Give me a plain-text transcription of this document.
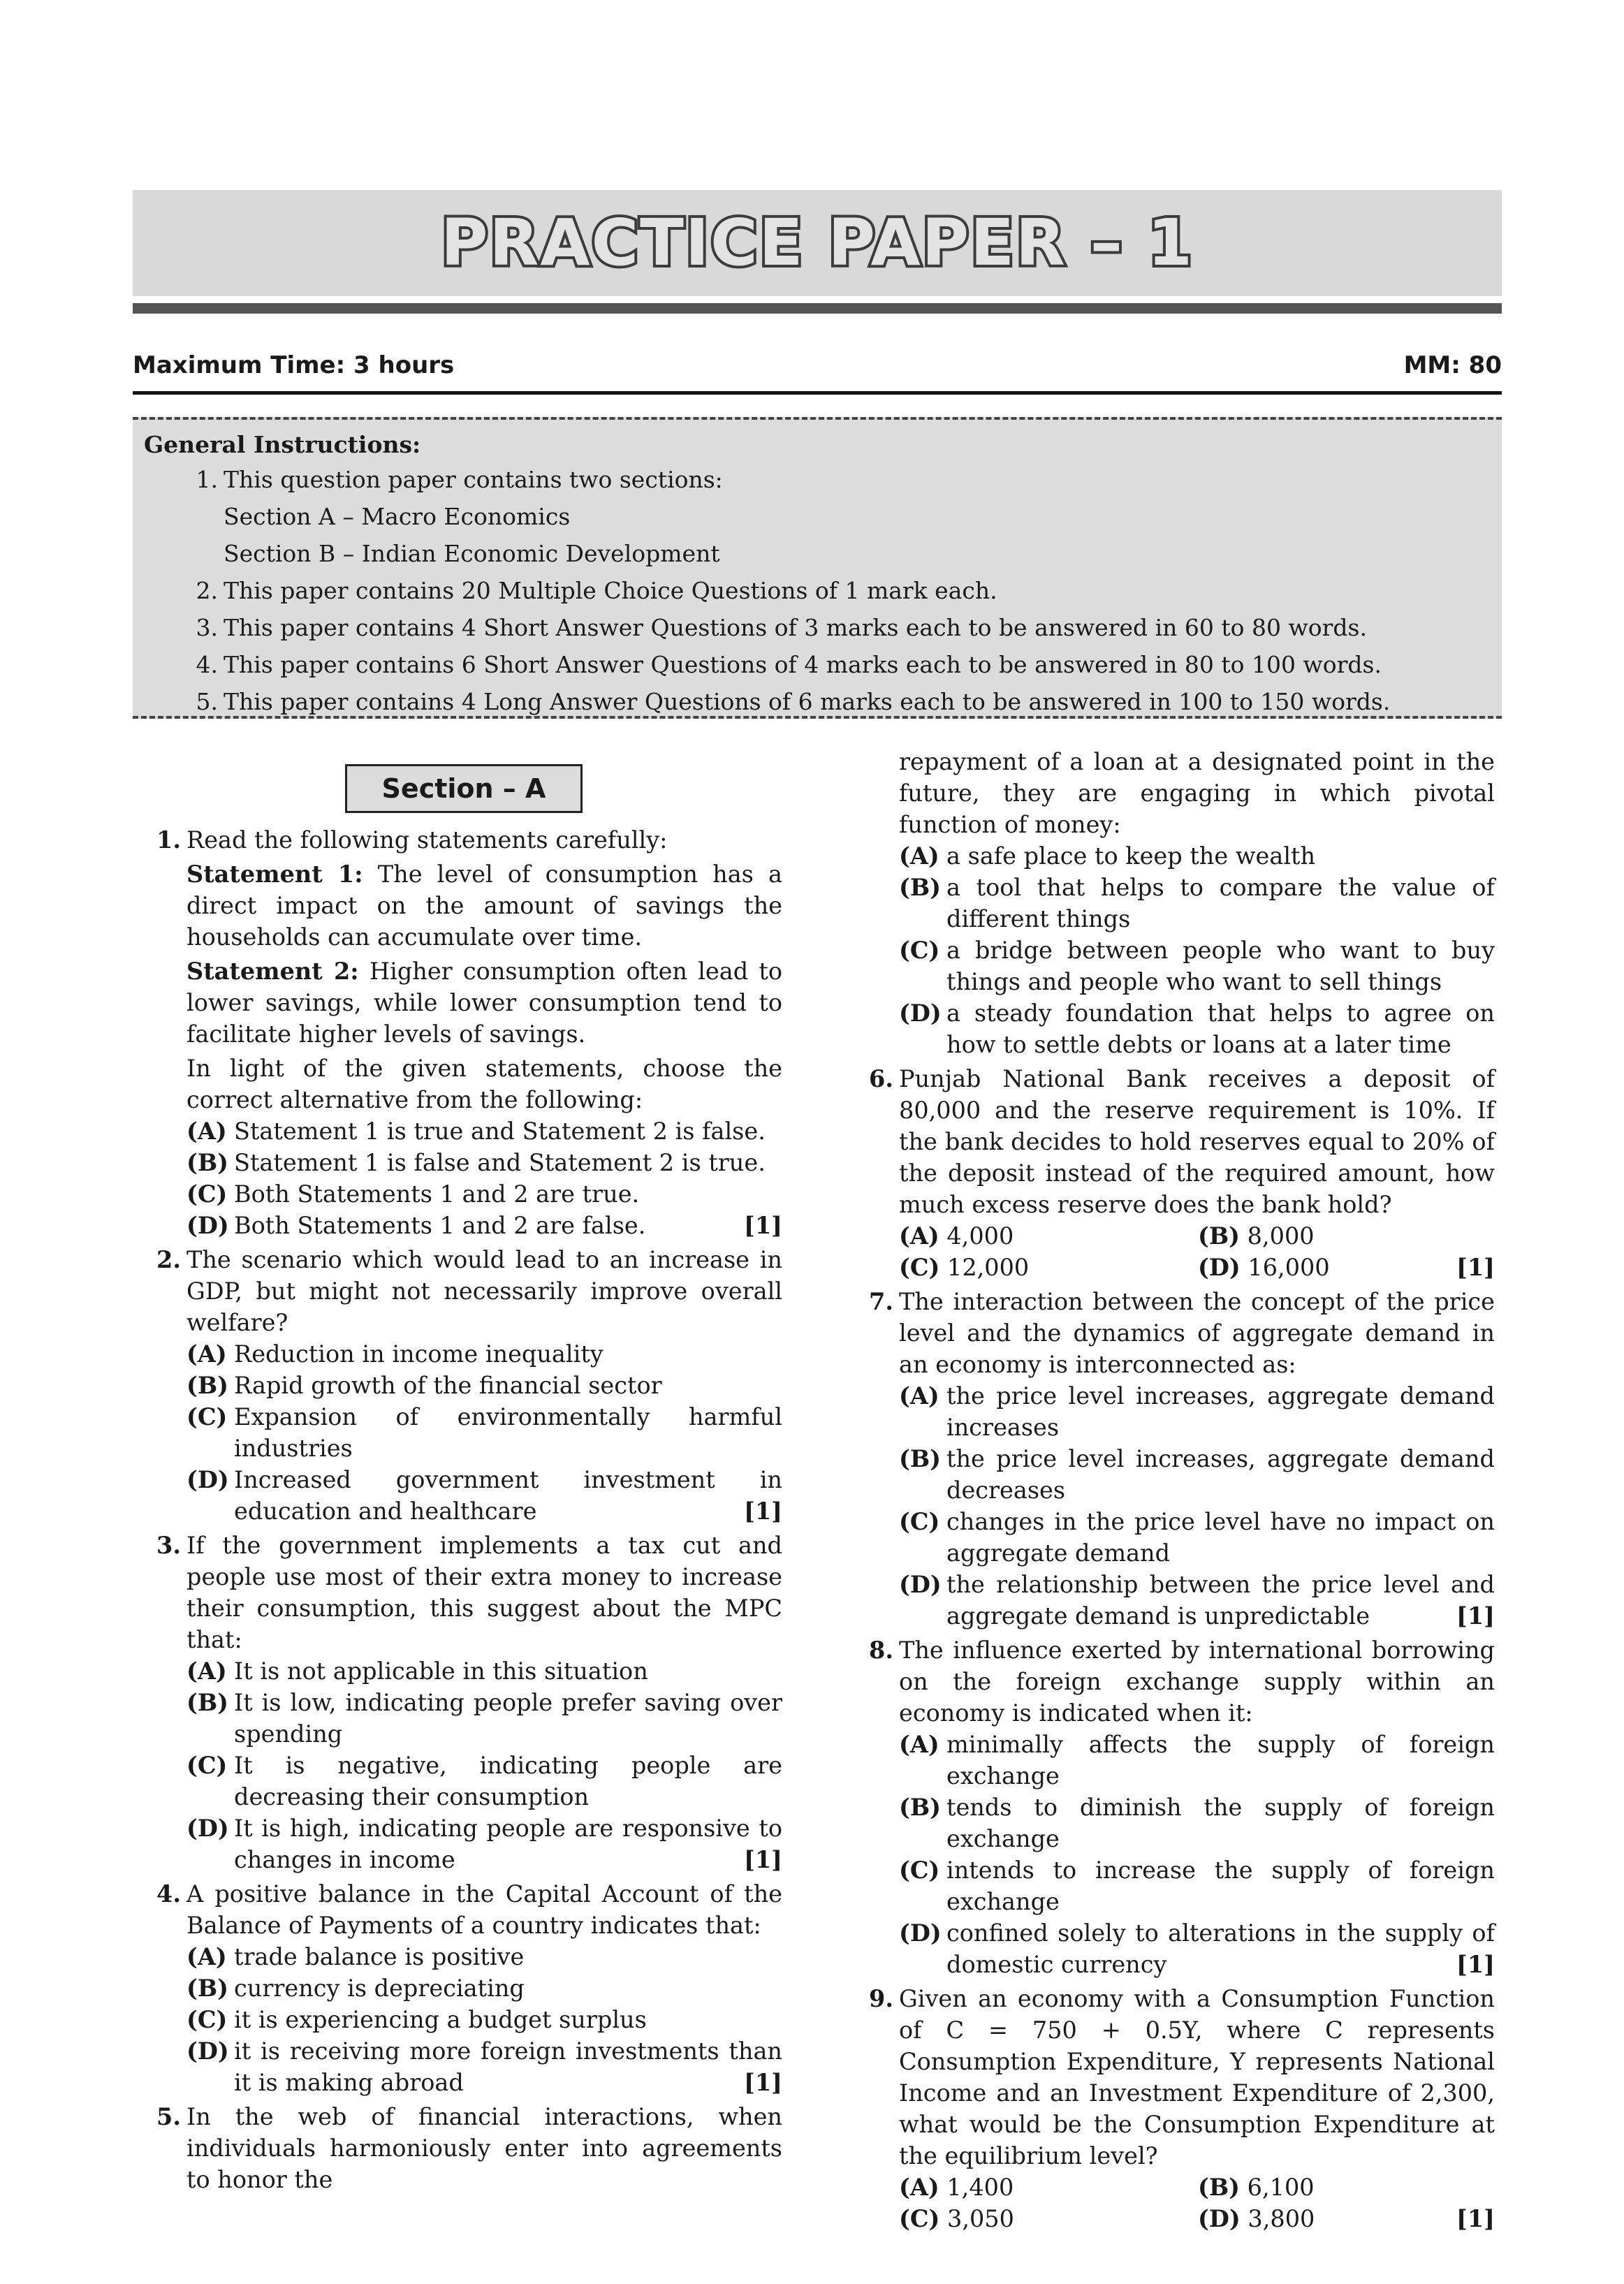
PRACTICE PAPER – 1
Maximum Time: 3 hours	MM: 80
General Instructions:
1. This question paper contains two sections:
Section A – Macro Economics
Section B – Indian Economic Development
2. This paper contains 20 Multiple Choice Questions of 1 mark each.
3. This paper contains 4 Short Answer Questions of 3 marks each to be answered in 60 to 80 words.
4. This paper contains 6 Short Answer Questions of 4 marks each to be answered in 80 to 100 words.
5. This paper contains 4 Long Answer Questions of 6 marks each to be answered in 100 to 150 words.
Section – A
1. Read the following statements carefully:
Statement 1: The level of consumption has a direct impact on the amount of savings the households can accumulate over time.
Statement 2: Higher consumption often lead to lower savings, while lower consumption tend to facilitate higher levels of savings.
In light of the given statements, choose the correct alternative from the following:
(A) Statement 1 is true and Statement 2 is false.
(B) Statement 1 is false and Statement 2 is true.
(C) Both Statements 1 and 2 are true.
(D) Both Statements 1 and 2 are false.	[1]
2. The scenario which would lead to an increase in GDP, but might not necessarily improve overall welfare?
(A) Reduction in income inequality
(B) Rapid growth of the financial sector
(C) Expansion of environmentally harmful industries
(D) Increased government investment in education and healthcare	[1]
3. If the government implements a tax cut and people use most of their extra money to increase their consumption, this suggest about the MPC that:
(A) It is not applicable in this situation
(B) It is low, indicating people prefer saving over spending
(C) It is negative, indicating people are decreasing their consumption
(D) It is high, indicating people are responsive to changes in income	[1]
4. A positive balance in the Capital Account of the Balance of Payments of a country indicates that:
(A) trade balance is positive
(B) currency is depreciating
(C) it is experiencing a budget surplus
(D) it is receiving more foreign investments than it is making abroad	[1]
5. In the web of financial interactions, when individuals harmoniously enter into agreements to honor the
repayment of a loan at a designated point in the future, they are engaging in which pivotal function of money:
(A) a safe place to keep the wealth
(B) a tool that helps to compare the value of different things
(C) a bridge between people who want to buy things and people who want to sell things
(D) a steady foundation that helps to agree on how to settle debts or loans at a later time
6. Punjab National Bank receives a deposit of 80,000 and the reserve requirement is 10%. If the bank decides to hold reserves equal to 20% of the deposit instead of the required amount, how much excess reserve does the bank hold?
(A) 4,000	(B) 8,000
(C) 12,000	(D) 16,000	[1]
7. The interaction between the concept of the price level and the dynamics of aggregate demand in an economy is interconnected as:
(A) the price level increases, aggregate demand increases
(B) the price level increases, aggregate demand decreases
(C) changes in the price level have no impact on aggregate demand
(D) the relationship between the price level and aggregate demand is unpredictable	[1]
8. The influence exerted by international borrowing on the foreign exchange supply within an economy is indicated when it:
(A) minimally affects the supply of foreign exchange
(B) tends to diminish the supply of foreign exchange
(C) intends to increase the supply of foreign exchange
(D) confined solely to alterations in the supply of domestic currency	[1]
9. Given an economy with a Consumption Function of C = 750 + 0.5Y, where C represents Consumption Expenditure, Y represents National Income and an Investment Expenditure of 2,300, what would be the Consumption Expenditure at the equilibrium level?
(A) 1,400	(B) 6,100
(C) 3,050	(D) 3,800	[1]
